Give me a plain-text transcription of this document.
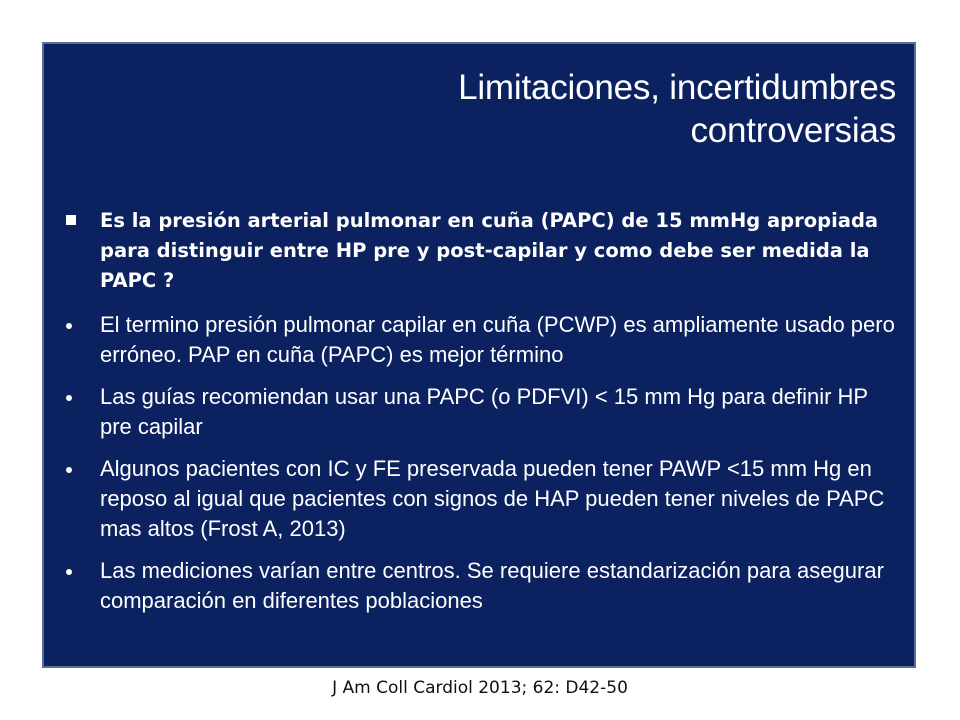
Limitaciones, incertidumbres
controversias
Es la presión arterial pulmonar en cuña (PAPC) de 15 mmHg apropiada para distinguir entre HP pre y post-capilar y como debe ser medida la PAPC ?
El termino presión pulmonar capilar en cuña (PCWP) es ampliamente usado pero erróneo. PAP en cuña (PAPC) es mejor término
Las guías recomiendan usar una PAPC (o PDFVI) < 15 mm Hg para definir HP pre capilar
Algunos pacientes con IC y FE preservada pueden tener PAWP <15 mm Hg en reposo al igual que pacientes con signos de HAP pueden tener niveles de PAPC mas altos (Frost A, 2013)
Las mediciones varían entre centros. Se requiere estandarización para asegurar comparación en diferentes poblaciones
J Am Coll Cardiol 2013; 62: D42-50
